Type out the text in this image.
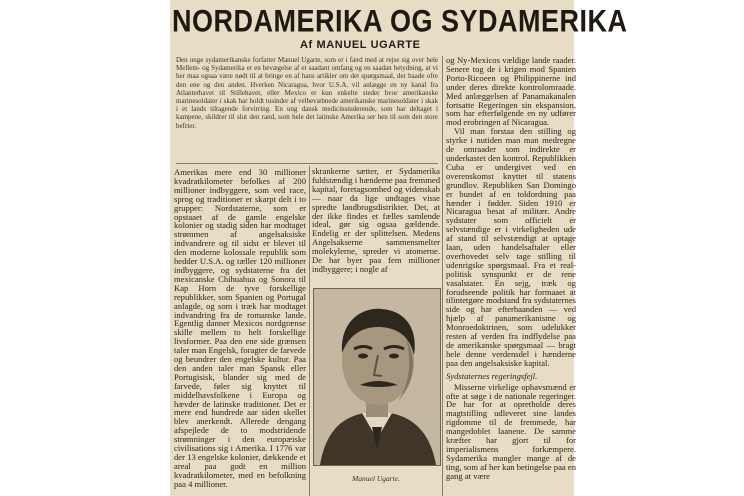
NORDAMERIKA OG SYDAMERIKA
Af MANUEL UGARTE
Den unge sydamerikanske forfatter Manuel Ugarte, som er i færd med at rejse sig over hele Mellem- og Sydamerika er en bevægelse af et saadant omfang og en saadan betydning, at vi her maa ogsaa være nødt til at bringe en af hans artikler om det spørgsmaal, der baade ofre den ene og den anden. Hverken Nicaragua, hvor U.S.A. vil anlægge en ny kanal fra Atlanterhavet til Stillehavet, eller Mexico er kun enkelte steder hvor amerikanske marinesoldater i skak har holdt tusinder af velbevæbnede amerikanske marinesoldater i skak i et lands tiltagende forvirring. En ung dansk medicinstuderende, som har deltaget i kampene, skildrer til slut den rand, som hele det latinske Amerika ser hen til som den store befrier.

Amerikas mere end 30 millioner kvadratkilometer befolkes af 200 millioner indbyggere, som ved race, sprog og traditioner er skarpt delt i to grupper: Nordstaterne, som er opstaaet af de gamle engelske kolonier og stadig siden har modtaget strømmen af angelsaksiske indvandrere og til sidst er blevet til den moderne kolossale republik som hedder U.S.A. og tæller 120 millioner indbyggere, og sydstaterne fra det mexicanske Chihuahua og Sonora til Kap Horn de tyve forskellige republikker, som Spanien og Portugal anlagde, og som i træk har modtaget indvandring fra de romanske lande. Egentlig danner Mexicos nordgrænse skille mellem to helt forskellige livsformer. Paa den ene side grænsen taler man Engelsk, foragter de farvede og beundrer den engelske kultur. Paa den anden taler man Spansk eller Portugisisk, blander sig med de farvede, føler sig knyttet til middelhavsfolkene i Europa og hævder de latinske traditioner. Det er mere end hundrede aar siden skellet blev anerkendt. Allerede dengang afspejlede de to modstridende strømninger i den europæiske civilisations sig i Amerika. I 1776 var der 13 engelske kolonier, dækkende et areal paa godt en million kvadratkilometer, med en befolkning paa 4 millioner.

skrankerne sætter, er Sydamerika fuldstændig i hænderne paa fremmed kapital, foretagsomhed og videnskab — naar da lige undtages visse spredte landbrugsdistrikter. Det, at der ikke findes et fælles samlende ideal, gør sig ogsaa gældende. Endelig er der splittelsen. Medens Angelsakserne sammensmelter molekylerne, spreder vi atomerne. De har byer paa fem millioner indbyggere; i nogle af

Manuel Ugarte.

og Ny-Mexicos vældige lande raader. Senere tog de i krigen mod Spanien Porto-Ricoeen og Philippinerne ind under deres direkte kontrolomraade. Med anlæggelsen af Panamakanalen fortsatte Regeringen sin ekspansion, som har efterfølgende en ny udfører mod erobringen af Nicaragua.

Vil man forstaa den stilling og styrke i nutiden man man medregne de omraader som indirekte er underkastet den kontrol. Republikken Cuba er undergivet ved en overenskomst knyttet til statens grundlov. Republiken San Domingo er bundet af en toldordning paa hænder i fødder. Siden 1910 er Nicaragua besat af militær. Andre sydstater som officielt er selvstændige er i virkeligheden ude af stand til selvstændigt at optage laan, uden handelsaftaler eller overhovedet selv tage stilling til udenrigske spørgsmaal. Fra et real-politisk synspunkt er de rene vasalstater. En sejg, træk og forudseende politik har formaaet at tilintetgøre modstand fra sydstaternes side og har efterhaanden — ved hjælp af panamerikanisme og Monroedoktrinen, som udelukker resten af verden fra indflydelse paa de amerikanske spørgsmaal — bragt hele denne verdensdel i hænderne paa den angelsaksiske kapital.

Sydstaternes regeringsfejl.

Misserne virkelige ophavsmænd er ofte at søge i de nationale regeringer. De har for at opretholde deres magtstilling udleveret sine landes rigdomme til de fremmede, har mangedoblet laanene. De samme kræfter har gjort til for imperialismens forkæmpere. Sydamerika mangler mange af de ting, som af her kan betingelse paa en gang at være
